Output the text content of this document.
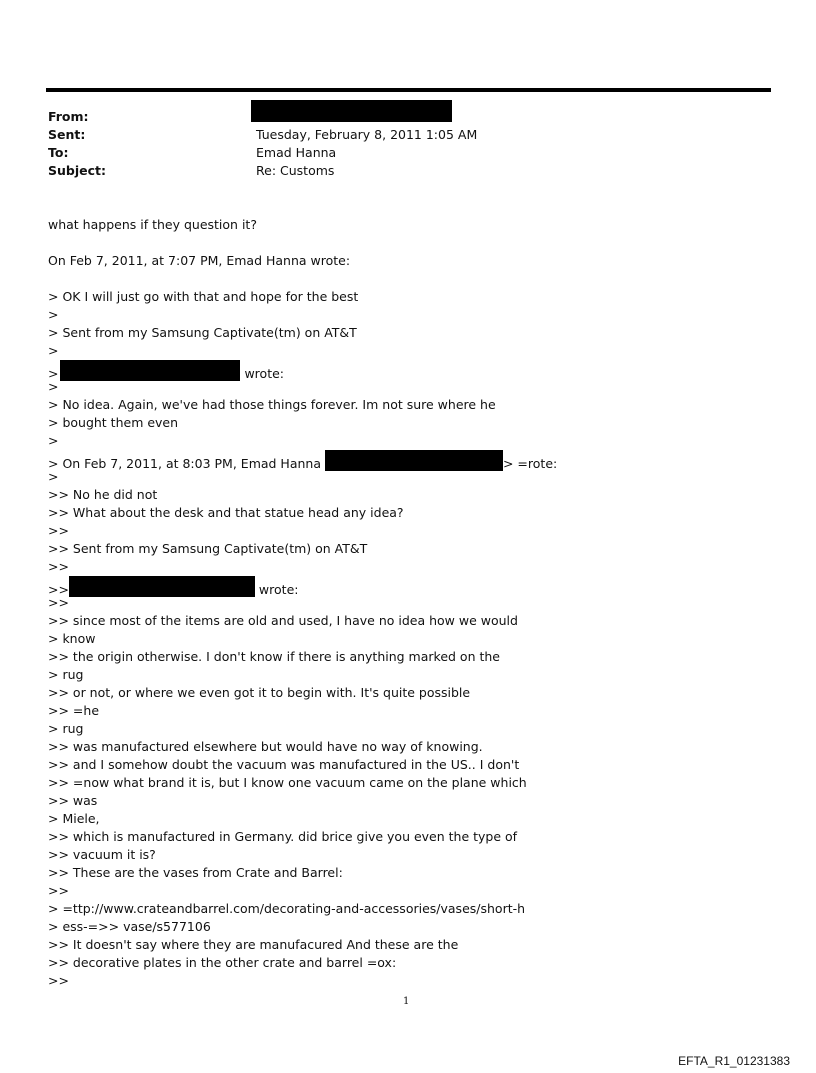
From:
Sent:	Tuesday, February 8, 2011 1:05 AM
To:	Emad Hanna
Subject:	Re: Customs
what happens if they question it?
On Feb 7, 2011, at 7:07 PM, Emad Hanna wrote:
> OK I will just go with that and hope for the best
>
> Sent from my Samsung Captivate(tm) on AT&T
>
>	wrote:
>
> No idea. Again, we've had those things forever. Im not sure where he
> bought them even
>
> On Feb 7, 2011, at 8:03 PM, Emad Hanna	> =rote:
>
>> No he did not
>> What about the desk and that statue head any idea?
>>
>> Sent from my Samsung Captivate(tm) on AT&T
>>
>>	wrote:
>>
>> since most of the items are old and used, I have no idea how we would
> know
>> the origin otherwise. I don't know if there is anything marked on the
> rug
>> or not, or where we even got it to begin with. It's quite possible
>> =he
> rug
>> was manufactured elsewhere but would have no way of knowing.
>> and I somehow doubt the vacuum was manufactured in the US.. I don't
>> =now what brand it is, but I know one vacuum came on the plane which
>> was
> Miele,
>> which is manufactured in Germany. did brice give you even the type of
>> vacuum it is?
>> These are the vases from Crate and Barrel:
>>
> =ttp://www.crateandbarrel.com/decorating-and-accessories/vases/short-h
> ess-=>> vase/s577106
>> It doesn't say where they are manufacured And these are the
>> decorative plates in the other crate and barrel =ox:
>>
1
EFTA_R1_01231383
